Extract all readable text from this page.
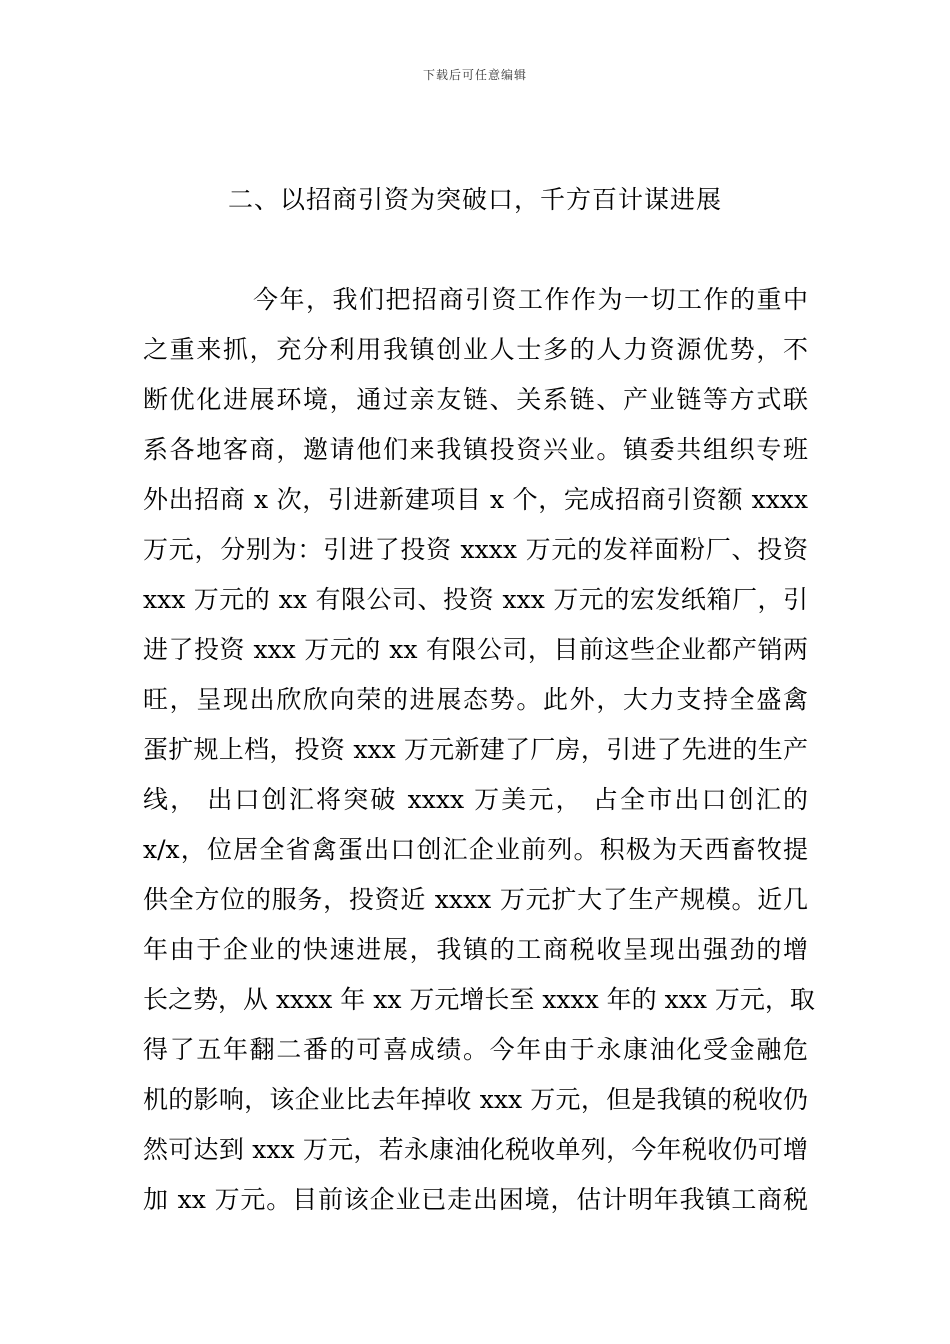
下载后可任意编辑
二、以招商引资为突破口，千方百计谋进展
今年，我们把招商引资工作作为一切工作的重中
之重来抓，充分利用我镇创业人士多的人力资源优势，不
断优化进展环境，通过亲友链、关系链、产业链等方式联
系各地客商，邀请他们来我镇投资兴业。镇委共组织专班
外出招商 x 次，引进新建项目 x 个，完成招商引资额 xxxx
万元，分别为：引进了投资 xxxx 万元的发祥面粉厂、投资
xxx 万元的 xx 有限公司、投资 xxx 万元的宏发纸箱厂，引
进了投资 xxx 万元的 xx 有限公司，目前这些企业都产销两
旺，呈现出欣欣向荣的进展态势。此外，大力支持全盛禽
蛋扩规上档，投资 xxx 万元新建了厂房，引进了先进的生产
线， 出口创汇将突破 xxxx 万美元， 占全市出口创汇的
x/x，位居全省禽蛋出口创汇企业前列。积极为天西畜牧提
供全方位的服务，投资近 xxxx 万元扩大了生产规模。近几
年由于企业的快速进展，我镇的工商税收呈现出强劲的增
长之势，从 xxxx 年 xx 万元增长至 xxxx 年的 xxx 万元，取
得了五年翻二番的可喜成绩。今年由于永康油化受金融危
机的影响，该企业比去年掉收 xxx 万元，但是我镇的税收仍
然可达到 xxx 万元，若永康油化税收单列，今年税收仍可增
加 xx 万元。目前该企业已走出困境，估计明年我镇工商税
